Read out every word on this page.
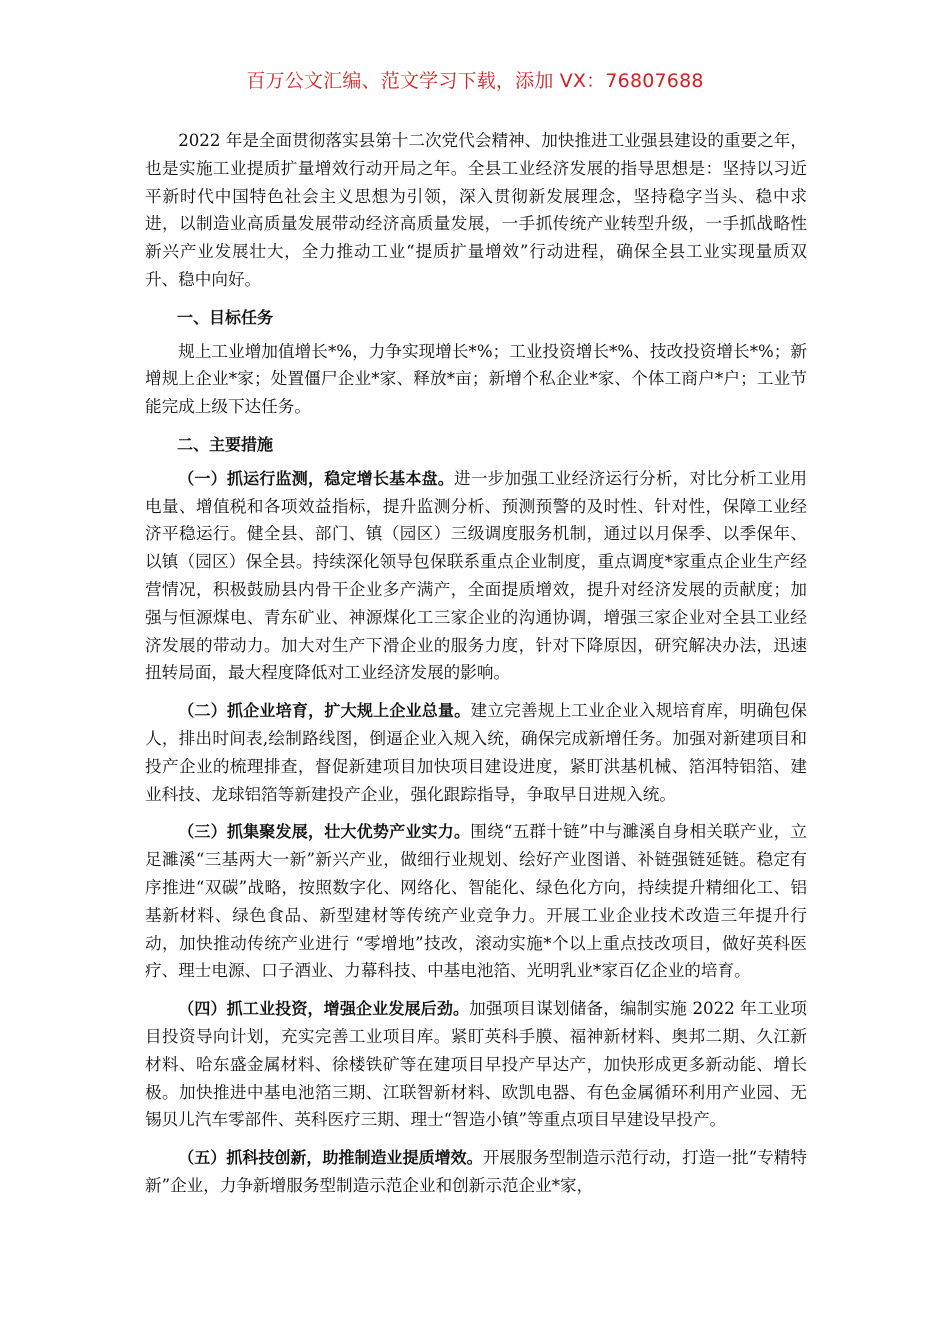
百万公文汇编、范文学习下载，添加 VX：76807688

2022 年是全面贯彻落实县第十二次党代会精神、加快推进工业强县建设的重要之年，也是实施工业提质扩量增效行动开局之年。全县工业经济发展的指导思想是：坚持以习近平新时代中国特色社会主义思想为引领，深入贯彻新发展理念，坚持稳字当头、稳中求进，以制造业高质量发展带动经济高质量发展，一手抓传统产业转型升级，一手抓战略性新兴产业发展壮大，全力推动工业“提质扩量增效”行动进程，确保全县工业实现量质双升、稳中向好。

一、目标任务

规上工业增加值增长*%，力争实现增长*%；工业投资增长*%、技改投资增长*%；新增规上企业*家；处置僵尸企业*家、释放*亩；新增个私企业*家、个体工商户*户；工业节能完成上级下达任务。

二、主要措施

（一）抓运行监测，稳定增长基本盘。进一步加强工业经济运行分析，对比分析工业用电量、增值税和各项效益指标，提升监测分析、预测预警的及时性、针对性，保障工业经济平稳运行。健全县、部门、镇（园区）三级调度服务机制，通过以月保季、以季保年、以镇（园区）保全县。持续深化领导包保联系重点企业制度，重点调度*家重点企业生产经营情况，积极鼓励县内骨干企业多产满产，全面提质增效，提升对经济发展的贡献度；加强与恒源煤电、青东矿业、神源煤化工三家企业的沟通协调，增强三家企业对全县工业经济发展的带动力。加大对生产下滑企业的服务力度，针对下降原因，研究解决办法，迅速扭转局面，最大程度降低对工业经济发展的影响。

（二）抓企业培育，扩大规上企业总量。建立完善规上工业企业入规培育库，明确包保人，排出时间表,绘制路线图，倒逼企业入规入统，确保完成新增任务。加强对新建项目和投产企业的梳理排查，督促新建项目加快项目建设进度，紧盯洪基机械、箔洱特铝箔、建业科技、龙球铝箔等新建投产企业，强化跟踪指导，争取早日进规入统。

（三）抓集聚发展，壮大优势产业实力。围绕“五群十链”中与濉溪自身相关联产业，立足濉溪“三基两大一新”新兴产业，做细行业规划、绘好产业图谱、补链强链延链。稳定有序推进“双碳”战略，按照数字化、网络化、智能化、绿色化方向，持续提升精细化工、铝基新材料、绿色食品、新型建材等传统产业竞争力。开展工业企业技术改造三年提升行动，加快推动传统产业进行 “零增地”技改，滚动实施*个以上重点技改项目，做好英科医疗、理士电源、口子酒业、力幕科技、中基电池箔、光明乳业*家百亿企业的培育。

（四）抓工业投资，增强企业发展后劲。加强项目谋划储备，编制实施 2022 年工业项目投资导向计划，充实完善工业项目库。紧盯英科手膜、福神新材料、奥邦二期、久江新材料、哈东盛金属材料、徐楼铁矿等在建项目早投产早达产，加快形成更多新动能、增长极。加快推进中基电池箔三期、江联智新材料、欧凯电器、有色金属循环利用产业园、无锡贝儿汽车零部件、英科医疗三期、理士“智造小镇”等重点项目早建设早投产。

（五）抓科技创新，助推制造业提质增效。开展服务型制造示范行动，打造一批“专精特新”企业，力争新增服务型制造示范企业和创新示范企业*家，
